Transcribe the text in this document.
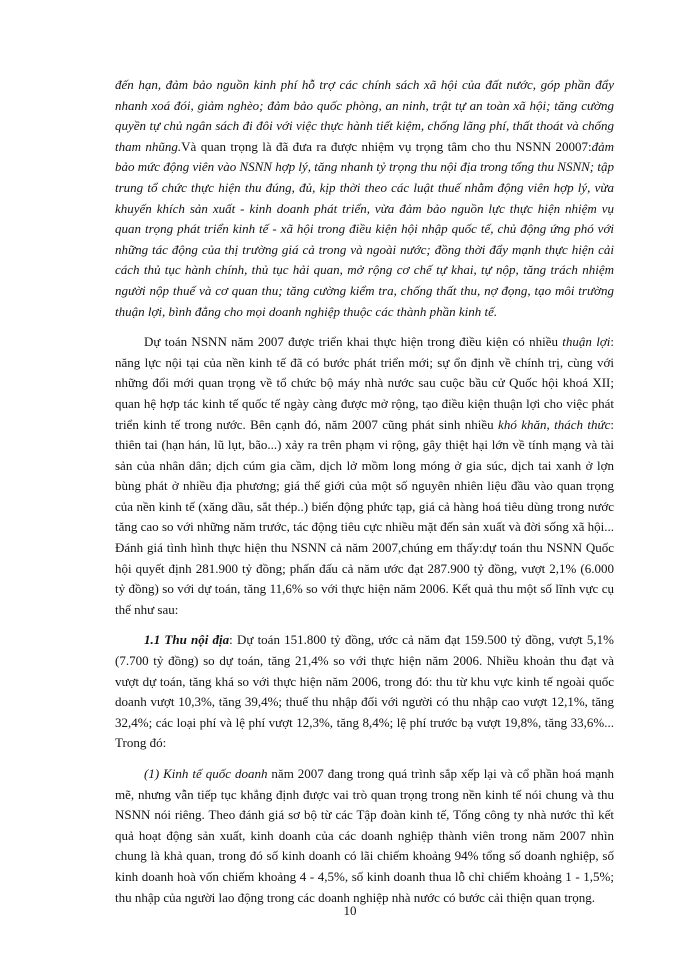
đến hạn, đảm bảo nguồn kinh phí hỗ trợ các chính sách xã hội của đất nước, góp phần đẩy nhanh xoá đói, giảm nghèo; đảm bảo quốc phòng, an ninh, trật tự an toàn xã hội; tăng cường quyền tự chủ ngân sách đi đôi với việc thực hành tiết kiệm, chống lãng phí, thất thoát và chống tham nhũng.Và quan trọng là đã đưa ra được nhiệm vụ trọng tâm cho thu NSNN 20007:đảm bảo mức động viên vào NSNN hợp lý, tăng nhanh tỷ trọng thu nội địa trong tổng thu NSNN; tập trung tổ chức thực hiện thu đúng, đủ, kịp thời theo các luật thuế nhằm động viên hợp lý, vừa khuyến khích sản xuất - kinh doanh phát triển, vừa đảm bảo nguồn lực thực hiện nhiệm vụ quan trọng phát triển kinh tế - xã hội trong điều kiện hội nhập quốc tế, chủ động ứng phó với những tác động của thị trường giá cả trong và ngoài nước; đồng thời đẩy mạnh thực hiện cải cách thủ tục hành chính, thủ tục hải quan, mở rộng cơ chế tự khai, tự nộp, tăng trách nhiệm người nộp thuế và cơ quan thu; tăng cường kiểm tra, chống thất thu, nợ đọng, tạo môi trường thuận lợi, bình đẳng cho mọi doanh nghiệp thuộc các thành phần kinh tế.

Dự toán NSNN năm 2007 được triển khai thực hiện trong điều kiện có nhiều thuận lợi: năng lực nội tại của nền kinh tế đã có bước phát triển mới; sự ổn định về chính trị, cùng với những đổi mới quan trọng về tổ chức bộ máy nhà nước sau cuộc bầu cử Quốc hội khoá XII; quan hệ hợp tác kinh tế quốc tế ngày càng được mở rộng, tạo điều kiện thuận lợi cho việc phát triển kinh tế trong nước. Bên cạnh đó, năm 2007 cũng phát sinh nhiều khó khăn, thách thức: thiên tai (hạn hán, lũ lụt, bão...) xảy ra trên phạm vi rộng, gây thiệt hại lớn về tính mạng và tài sản của nhân dân; dịch cúm gia cầm, dịch lở mồm long móng ở gia súc, dịch tai xanh ở lợn bùng phát ở nhiều địa phương; giá thế giới của một số nguyên nhiên liệu đầu vào quan trọng của nền kinh tế (xăng dầu, sắt thép..) biến động phức tạp, giá cả hàng hoá tiêu dùng trong nước tăng cao so với những năm trước, tác động tiêu cực nhiều mặt đến sản xuất và đời sống xã hội... Đánh giá tình hình thực hiện thu NSNN cả năm 2007,chúng em thấy:dự toán thu NSNN Quốc hội quyết định 281.900 tỷ đồng; phấn đấu cả năm ước đạt 287.900 tỷ đồng, vượt 2,1% (6.000 tỷ đồng) so với dự toán, tăng 11,6% so với thực hiện năm 2006. Kết quả thu một số lĩnh vực cụ thể như sau:

1.1 Thu nội địa: Dự toán 151.800 tỷ đồng, ước cả năm đạt 159.500 tỷ đồng, vượt 5,1% (7.700 tỷ đồng) so dự toán, tăng 21,4% so với thực hiện năm 2006. Nhiều khoản thu đạt và vượt dự toán, tăng khá so với thực hiện năm 2006, trong đó: thu từ khu vực kinh tế ngoài quốc doanh vượt 10,3%, tăng 39,4%; thuế thu nhập đối với người có thu nhập cao vượt 12,1%, tăng 32,4%; các loại phí và lệ phí vượt 12,3%, tăng 8,4%; lệ phí trước bạ vượt 19,8%, tăng 33,6%... Trong đó:

(1) Kinh tế quốc doanh năm 2007 đang trong quá trình sắp xếp lại và cổ phần hoá mạnh mẽ, nhưng vẫn tiếp tục khẳng định được vai trò quan trọng trong nền kinh tế nói chung và thu NSNN nói riêng. Theo đánh giá sơ bộ từ các Tập đoàn kinh tế, Tổng công ty nhà nước thì kết quả hoạt động sản xuất, kinh doanh của các doanh nghiệp thành viên trong năm 2007 nhìn chung là khả quan, trong đó số kinh doanh có lãi chiếm khoảng 94% tổng số doanh nghiệp, số kinh doanh hoà vốn chiếm khoảng 4 - 4,5%, số kinh doanh thua lỗ chỉ chiếm khoảng 1 - 1,5%; thu nhập của người lao động trong các doanh nghiệp nhà nước có bước cải thiện quan trọng.

10
